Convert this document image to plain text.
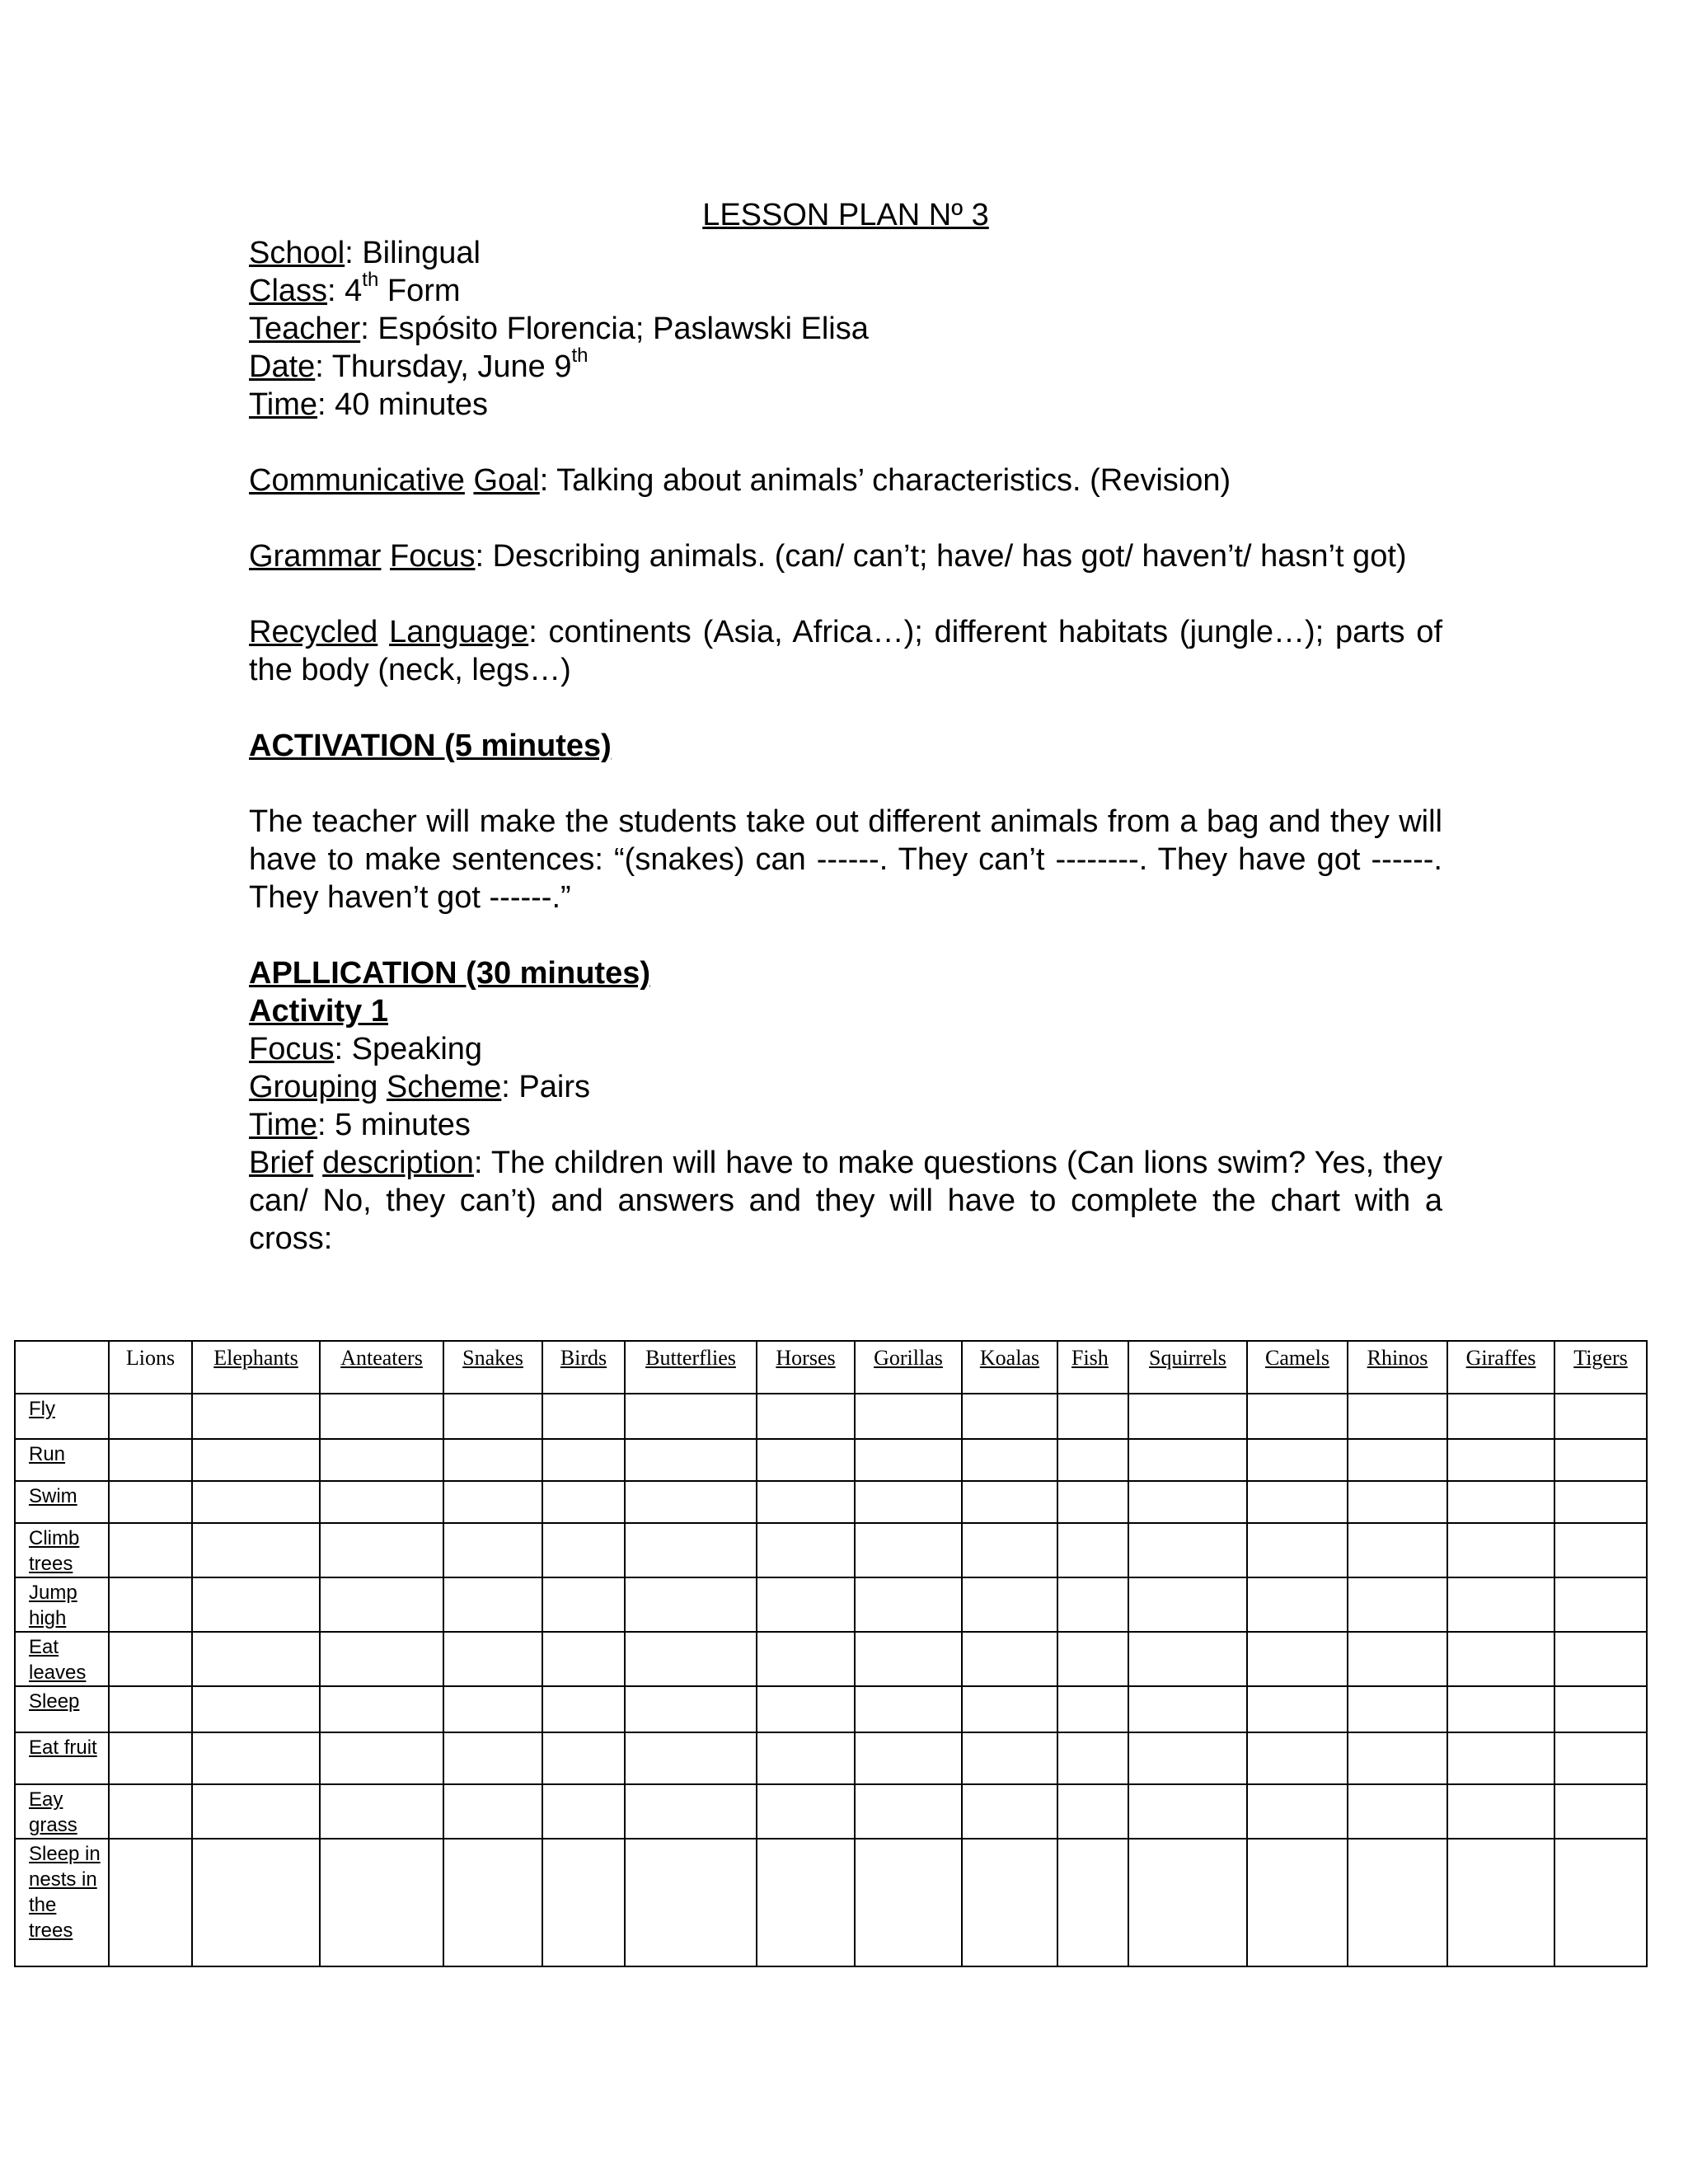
LESSON PLAN Nº 3

School: Bilingual

Class: 4th Form

Teacher: Espósito Florencia; Paslawski Elisa

Date: Thursday, June 9th

Time: 40 minutes

Communicative Goal: Talking about animals’ characteristics. (Revision)

Grammar Focus: Describing animals. (can/ can’t; have/ has got/ haven’t/ hasn’t got)

Recycled Language: continents (Asia, Africa…); different habitats (jungle…); parts of the body (neck, legs…)

ACTIVATION (5 minutes)

The teacher will make the students take out different animals from a bag and they will have to make sentences: “(snakes) can ------. They can’t --------. They have got ------. They haven’t got ------.”

APLLICATION (30 minutes)

Activity 1

Focus: Speaking

Grouping Scheme: Pairs

Time: 5 minutes

Brief description: The children will have to make questions (Can lions swim? Yes, they can/ No, they can’t) and answers and they will have to complete the chart with a cross:

	Lions	Elephants	Anteaters	Snakes	Birds	Butterflies	Horses	Gorillas	Koalas	Fish	Squirrels	Camels	Rhinos	Giraffes	Tigers
Fly															
Run															
Swim															
Climb trees															
Jump high															
Eat leaves															
Sleep															
Eat fruit															
Eay grass															
Sleep in nests in the trees															
